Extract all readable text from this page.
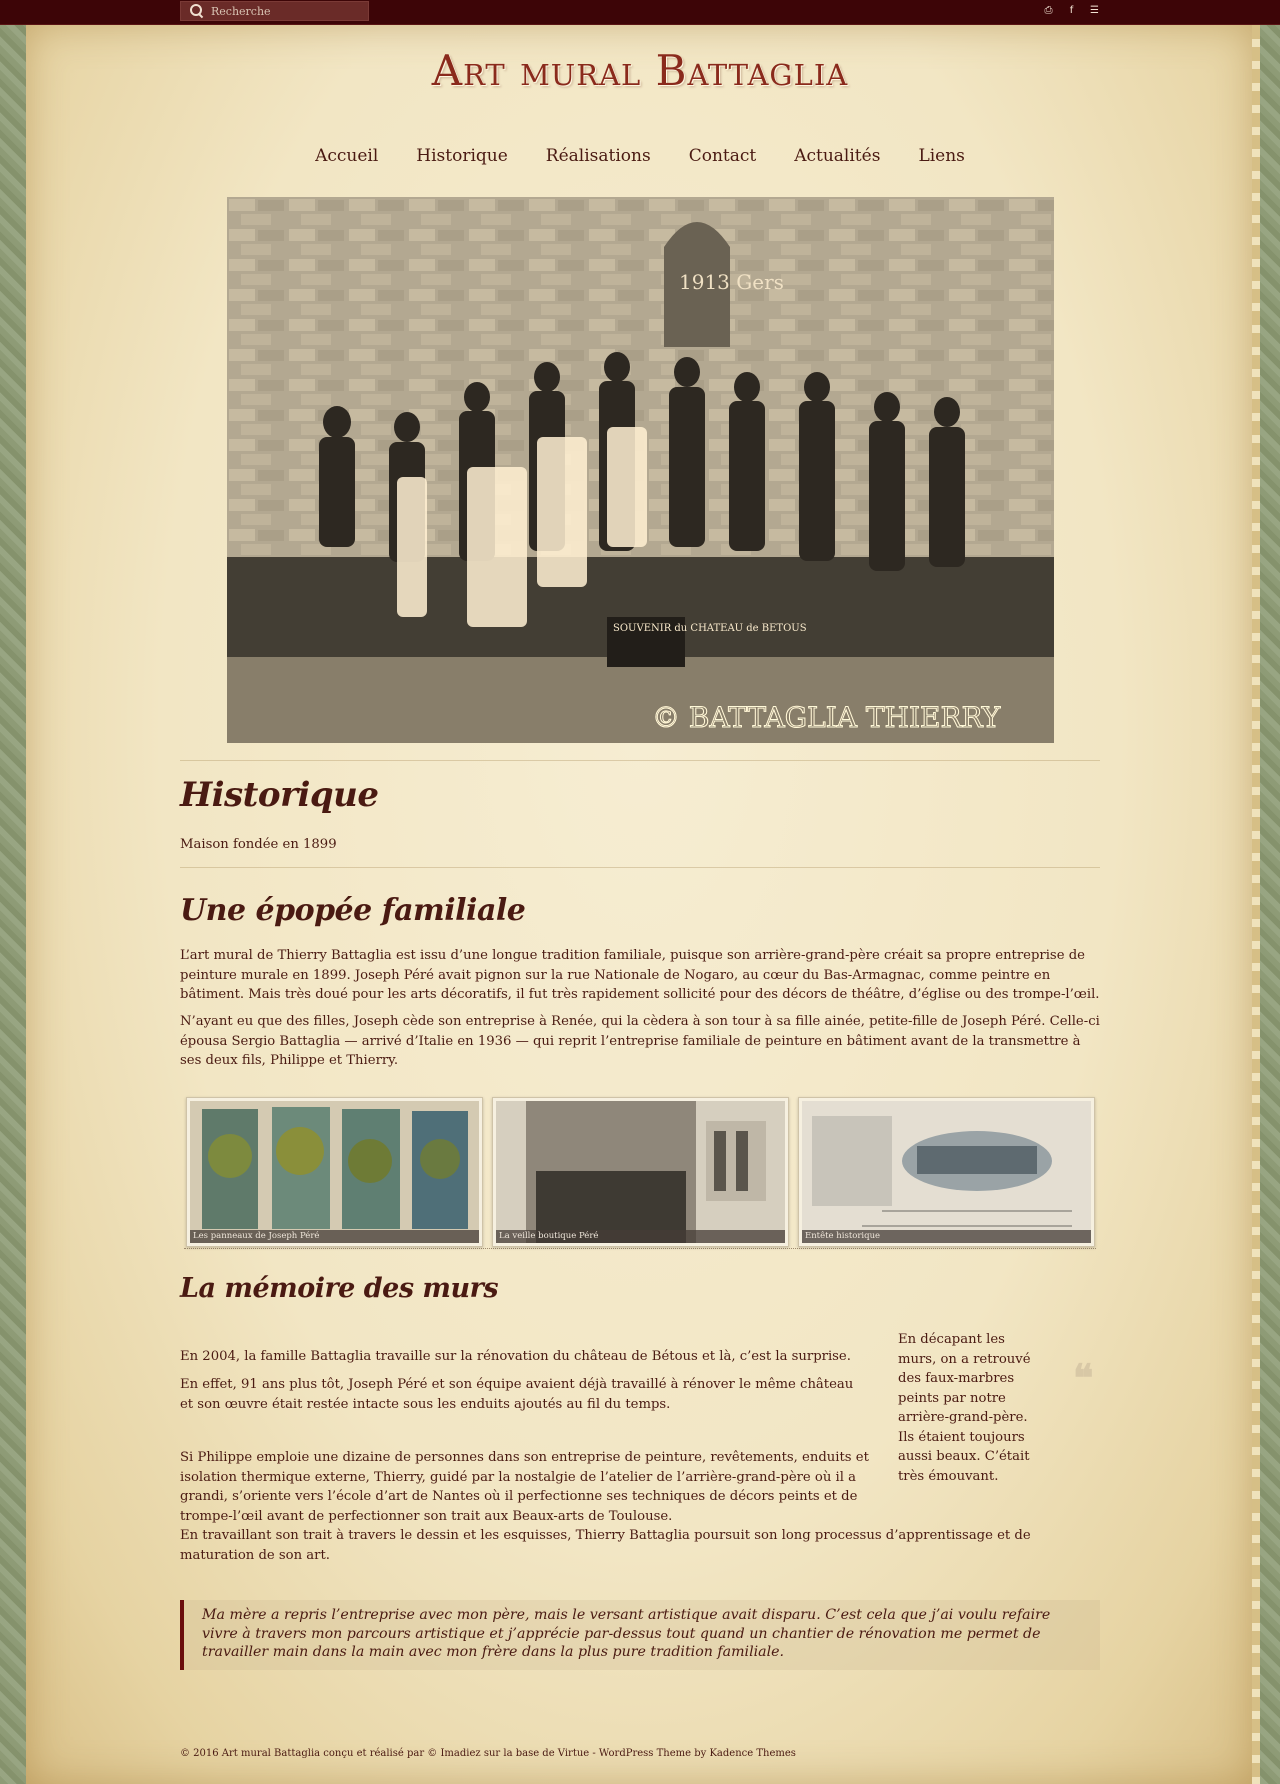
Recherche
⎙	f	☰
Art mural Battaglia
Accueil Historique Réalisations Contact Actualités Liens
1913 Gers
SOUVENIR du CHATEAU de BETOUS
© BATTAGLIA THIERRY
Historique

Maison fondée en 1899

Une épopée familiale

L’art mural de Thierry Battaglia est issu d’une longue tradition familiale, puisque son arrière-grand-père créait sa propre entreprise de peinture murale en 1899. Joseph Péré avait pignon sur la rue Nationale de Nogaro, au cœur du Bas-Armagnac, comme peintre en bâtiment. Mais très doué pour les arts décoratifs, il fut très rapidement sollicité pour des décors de théâtre, d’église ou des trompe-l’œil.

N’ayant eu que des filles, Joseph cède son entreprise à Renée, qui la cèdera à son tour à sa fille ainée, petite-fille de Joseph Péré. Celle-ci épousa Sergio Battaglia — arrivé d’Italie en 1936 — qui reprit l’entreprise familiale de peinture en bâtiment avant de la transmettre à ses deux fils, Philippe et Thierry.

Les panneaux de Joseph Péré	La veille boutique Péré	Entête historique
La mémoire des murs

En 2004, la famille Battaglia travaille sur la rénovation du château de Bétous et là, c’est la surprise.

En effet, 91 ans plus tôt, Joseph Péré et son équipe avaient déjà travaillé à rénover le même château et son œuvre était restée intacte sous les enduits ajoutés au fil du temps.

Si Philippe emploie une dizaine de personnes dans son entreprise de peinture, revêtements, enduits et isolation thermique externe, Thierry, guidé par la nostalgie de l’atelier de l’arrière-grand-père où il a grandi, s’oriente vers l’école d’art de Nantes où il perfectionne ses techniques de décors peints et de trompe-l’œil avant de perfectionner son trait aux Beaux-arts de Toulouse.

En travaillant son trait à travers le dessin et les esquisses, Thierry Battaglia poursuit son long processus d’apprentissage et de maturation de son art.

En décapant les murs, on a retrouvé des faux-marbres peints par notre arrière-grand-père. Ils étaient toujours aussi beaux. C’était très émouvant.

❝
Ma mère a repris l’entreprise avec mon père, mais le versant artistique avait disparu. C’est cela que j’ai voulu refaire vivre à travers mon parcours artistique et j’apprécie par-dessus tout quand un chantier de rénovation me permet de travailler main dans la main avec mon frère dans la plus pure tradition familiale.
© 2016 Art mural Battaglia conçu et réalisé par © Imadiez sur la base de Virtue - WordPress Theme by Kadence Themes
